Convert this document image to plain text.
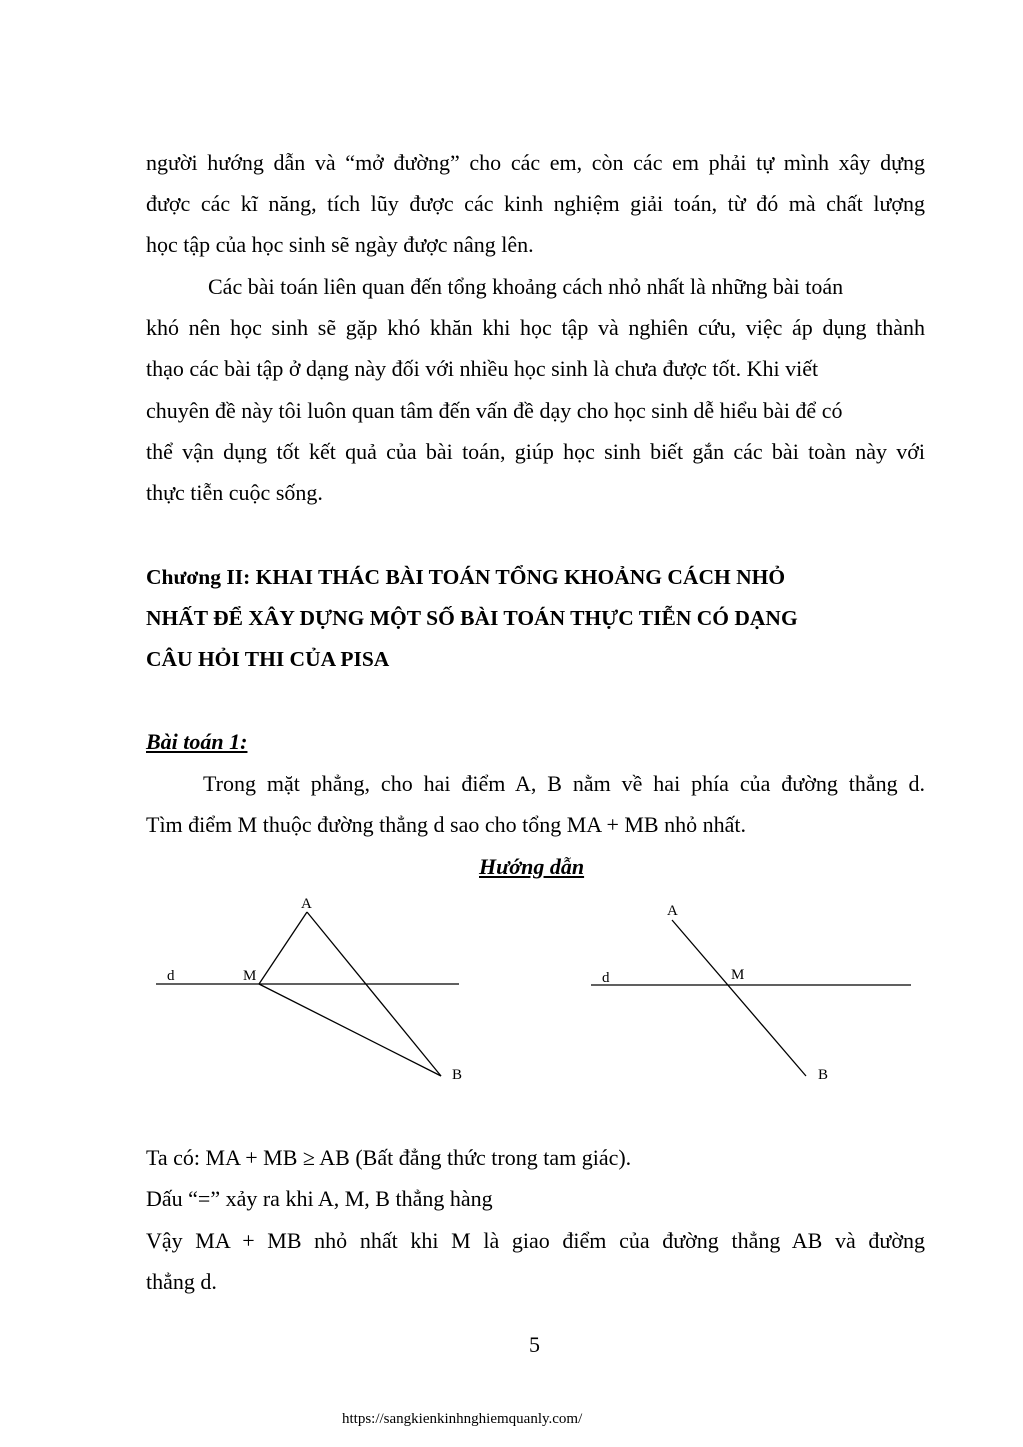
người hướng dẫn và “mở đường” cho các em, còn các em phải tự mình xây dựng
được các kĩ năng, tích lũy được các kinh nghiệm giải toán, từ đó mà chất lượng
học tập của học sinh sẽ ngày được nâng lên.
Các bài toán liên quan đến tổng khoảng cách nhỏ nhất là những bài toán
khó nên học sinh sẽ gặp khó khăn khi học tập và nghiên cứu, việc áp dụng thành
thạo các bài tập ở dạng này đối với nhiều học sinh là chưa được tốt. Khi viết
chuyên đề này tôi luôn quan tâm đến vấn đề dạy cho học sinh dễ hiểu bài để có
thể vận dụng tốt kết quả của bài toán, giúp học sinh biết gắn các bài toàn này với
thực tiễn cuộc sống.
Chương II: KHAI THÁC BÀI TOÁN TỔNG KHOẢNG CÁCH NHỎ
NHẤT ĐỂ XÂY DỰNG MỘT SỐ BÀI TOÁN THỰC TIỄN CÓ DẠNG
CÂU HỎI THI CỦA PISA
Bài toán 1:
Trong mặt phẳng, cho hai điểm A, B nằm về hai phía của đường thẳng d.
Tìm điểm M thuộc đường thẳng d sao cho tổng MA + MB nhỏ nhất.
Hướng dẫn
A
d	M
B
A
d	M
B
Ta có: MA + MB ≥ AB (Bất đẳng thức trong tam giác).
Dấu “=” xảy ra khi A, M, B thẳng hàng
Vậy MA + MB nhỏ nhất khi M là giao điểm của đường thẳng AB và đường
thẳng d.
5
https://sangkienkinhnghiemquanly.com/
